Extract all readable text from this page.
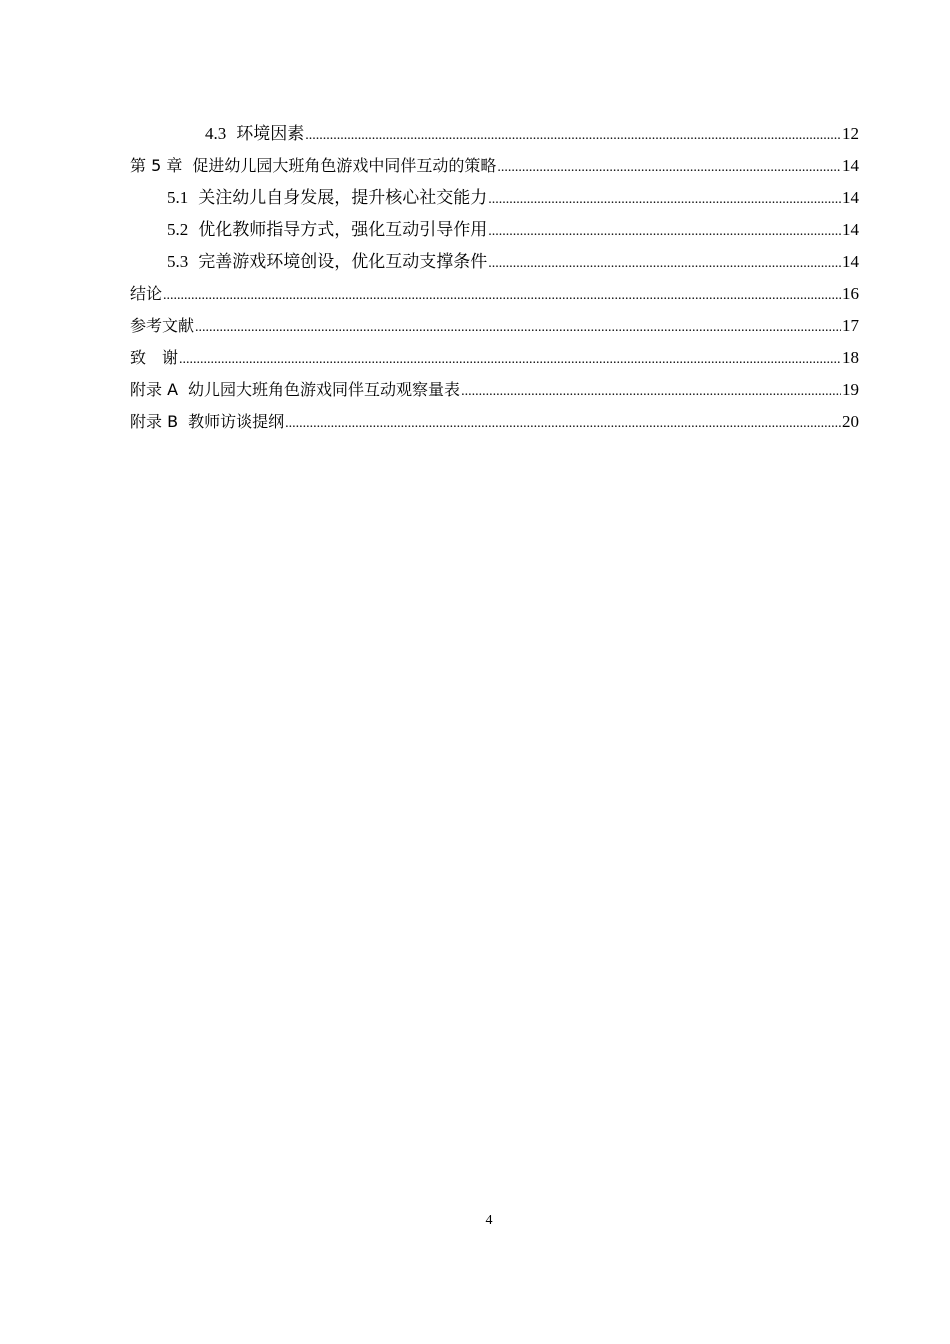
4.3 环境因素 .....	12
第 5 章 促进幼儿园大班角色游戏中同伴互动的策略 .....	14
5.1 关注幼儿自身发展，提升核心社交能力 .....	14
5.2 优化教师指导方式，强化互动引导作用 .....	14
5.3 完善游戏环境创设，优化互动支撑条件 .....	14
结论 .....	16
参考文献 .....	17
致　谢 .....	18
附录 A 幼儿园大班角色游戏同伴互动观察量表 .....	19
附录 B 教师访谈提纲 .....	20
4
